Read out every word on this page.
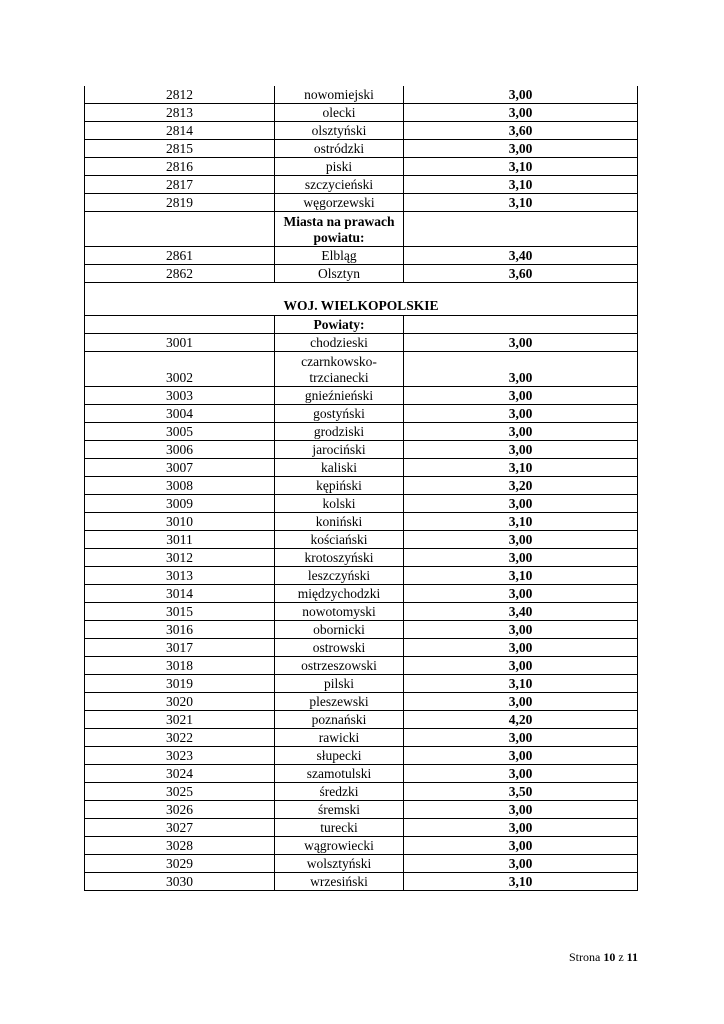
2812	nowomiejski	3,00
2813	olecki	3,00
2814	olsztyński	3,60
2815	ostródzki	3,00
2816	piski	3,10
2817	szczycieński	3,10
2819	węgorzewski	3,10
	Miasta na prawach powiatu:	
2861	Elbląg	3,40
2862	Olsztyn	3,60
WOJ. WIELKOPOLSKIE		
	Powiaty:	
3001	chodzieski	3,00
3002	czarnkowsko-trzcianecki	3,00
3003	gnieźnieński	3,00
3004	gostyński	3,00
3005	grodziski	3,00
3006	jarociński	3,00
3007	kaliski	3,10
3008	kępiński	3,20
3009	kolski	3,00
3010	koniński	3,10
3011	kościański	3,00
3012	krotoszyński	3,00
3013	leszczyński	3,10
3014	międzychodzki	3,00
3015	nowotomyski	3,40
3016	obornicki	3,00
3017	ostrowski	3,00
3018	ostrzeszowski	3,00
3019	pilski	3,10
3020	pleszewski	3,00
3021	poznański	4,20
3022	rawicki	3,00
3023	słupecki	3,00
3024	szamotulski	3,00
3025	średzki	3,50
3026	śremski	3,00
3027	turecki	3,00
3028	wągrowiecki	3,00
3029	wolsztyński	3,00
3030	wrzesiński	3,10
Strona 10 z 11
